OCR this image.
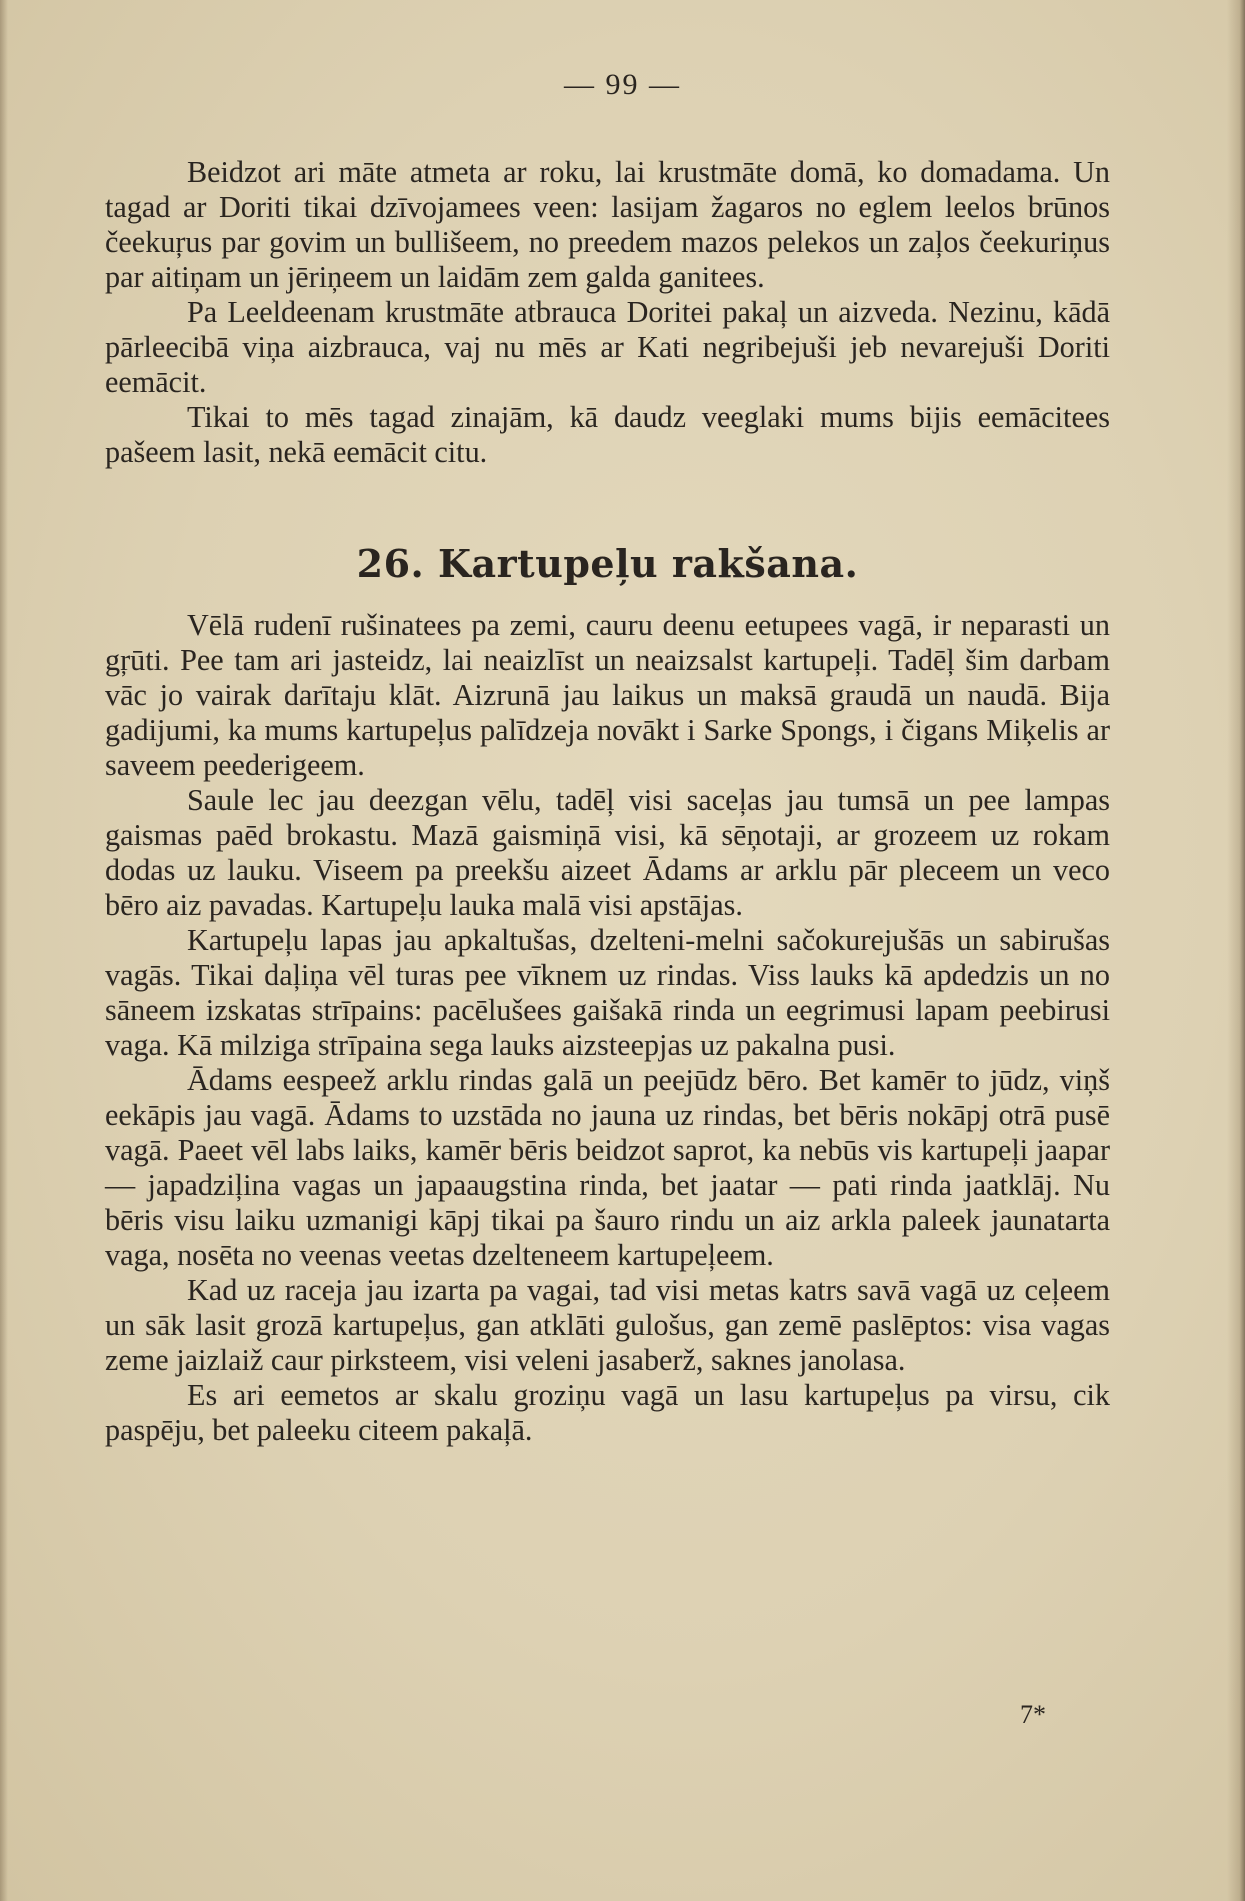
— 99 —

Beidzot ari māte atmeta ar roku, lai krustmāte domā, ko domadama. Un tagad ar Doriti tikai dzīvojamees veen: lasijam žagaros no eglem leelos brūnos čeekuŗus par govim un bullišeem, no preedem mazos pelekos un zaļos čeekuriņus par aitiņam un jēriņeem un laidām zem galda ganitees.

Pa Leeldeenam krustmāte atbrauca Doritei pakaļ un aizveda. Nezinu, kādā pārleecibā viņa aizbrauca, vaj nu mēs ar Kati negribejuši jeb nevarejuši Doriti eemācit.

Tikai to mēs tagad zinajām, kā daudz veeglaki mums bijis eemācitees pašeem lasit, nekā eemācit citu.

26. Kartupeļu rakšana.

Vēlā rudenī rušinatees pa zemi, cauru deenu eetupees vagā, ir neparasti un gŗūti. Pee tam ari jasteidz, lai neaizlīst un neaizsalst kartupeļi. Tadēļ šim darbam vāc jo vairak darītaju klāt. Aizrunā jau laikus un maksā graudā un naudā. Bija gadijumi, ka mums kartupeļus palīdzeja novākt i Sarke Spongs, i čigans Miķelis ar saveem peederigeem.

Saule lec jau deezgan vēlu, tadēļ visi saceļas jau tumsā un pee lampas gaismas paēd brokastu. Mazā gaismiņā visi, kā sēņotaji, ar grozeem uz rokam dodas uz lauku. Viseem pa preekšu aizeet Ādams ar arklu pār pleceem un veco bēro aiz pavadas. Kartupeļu lauka malā visi apstājas.

Kartupeļu lapas jau apkaltušas, dzelteni-melni sačokurejušās un sabirušas vagās. Tikai daļiņa vēl turas pee vīknem uz rindas. Viss lauks kā apdedzis un no sāneem izskatas strīpains: pacēlušees gaišakā rinda un eegrimusi lapam peebirusi vaga. Kā milziga strīpaina sega lauks aizsteepjas uz pakalna pusi.

Ādams eespeež arklu rindas galā un peejūdz bēro. Bet kamēr to jūdz, viņš eekāpis jau vagā. Ādams to uzstāda no jauna uz rindas, bet bēris nokāpj otrā pusē vagā. Paeet vēl labs laiks, kamēr bēris beidzot saprot, ka nebūs vis kartupeļi jaapar — japadziļina vagas un japaaugstina rinda, bet jaatar — pati rinda jaatklāj. Nu bēris visu laiku uzmanigi kāpj tikai pa šauro rindu un aiz arkla paleek jaunatarta vaga, nosēta no veenas veetas dzelteneem kartupeļeem.

Kad uz raceja jau izarta pa vagai, tad visi metas katrs savā vagā uz ceļeem un sāk lasit grozā kartupeļus, gan atklāti gulošus, gan zemē paslēptos: visa vagas zeme jaizlaiž caur pirksteem, visi veleni jasaberž, saknes janolasa.

Es ari eemetos ar skalu groziņu vagā un lasu kartupeļus pa virsu, cik paspēju, bet paleeku citeem pakaļā.

7*
